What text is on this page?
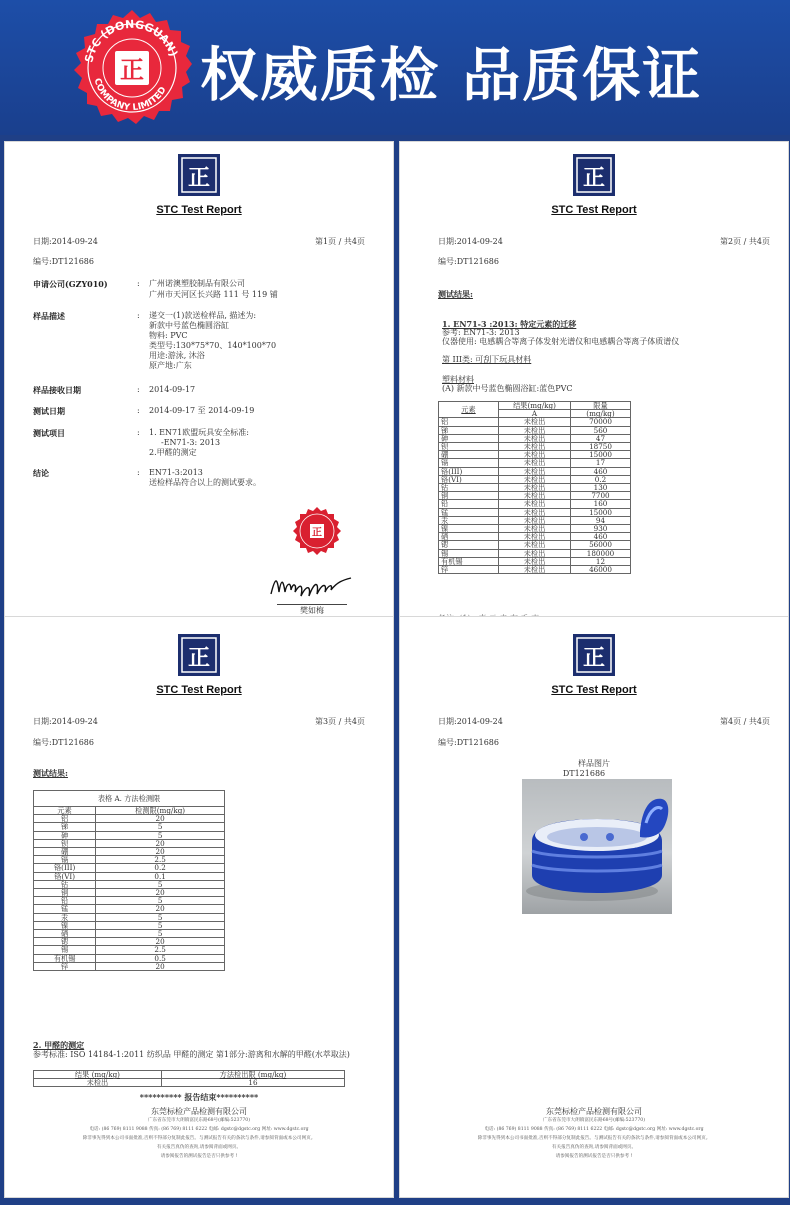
STC (DONGGUAN)
COMPANY LIMITED
正 权威质检 品质保证
正
STC Test Report
日期:2014-09-24	第1页 / 共4页
编号:DT121686
申请公司(GZY010)	: 广州诺澳塑胶制品有限公司
广州市天河区长兴路 111 号 119 铺
样品描述	: 递交一(1)款送检样品, 描述为:
新款中号蓝色椭圆浴缸
物料: PVC
类型号:130*75*70、140*100*70
用途:游泳, 沐浴
原产地:广东
样品接收日期	: 2014-09-17
测试日期	: 2014-09-17 至 2014-09-19
测试项目	: 1. EN71欧盟玩具安全标准:
-EN71-3: 2013
2.甲醛的测定
结论	: EN71-3:2013
送检样品符合以上的测试要求。
正
樊如梅
正
STC Test Report
日期:2014-09-24	第2页 / 共4页
编号:DT121686
测试结果:
1. EN71-3 :2013: 特定元素的迁移
参考: EN71-3: 2013
仪器使用: 电感耦合等离子体发射光谱仪和电感耦合等离子体质谱仪
第 III类: 可刮下玩具材料
塑料材料
(A) 新款中号蓝色椭圆浴缸:蓝色PVC
元素	结果(mg/kg)	限量
	A	(mg/kg)
铝	未检出	70000
锑	未检出	560
砷	未检出	47
钡	未检出	18750
硼	未检出	15000
镉	未检出	17
铬(III)	未检出	460
铬(VI)	未检出	0.2
钴	未检出	130
铜	未检出	7700
铅	未检出	160
锰	未检出	15000
汞	未检出	94
镍	未检出	930
硒	未检出	460
锶	未检出	56000
锡	未检出	180000
有机锡	未检出	12
锌	未检出	46000
正
STC Test Report
日期:2014-09-24	第3页 / 共4页
编号:DT121686
测试结果:
表格 A. 方法检测限	
元素	检测限(mg/kg)
铝	20
锑	5
砷	5
钡	20
硼	20
镉	2.5
铬(III)	0.2
铬(VI)	0.1
钴	5
铜	20
铅	5
锰	20
汞	5
镍	5
硒	5
锶	20
锡	2.5
有机锡	0.5
锌	20
2. 甲醛的测定
参考标准: ISO 14184-1:2011 纺织品 甲醛的测定 第1部分:游离和水解的甲醛(水萃取法)
结果 (mg/kg)	方法检出限 (mg/kg)
未检出	16
********** 报告结束**********
东莞标检产品检测有限公司
广东省东莞市大朗镇富民东路68号(邮编:523770)
电话: (86 769) 8111 9088 传真: (86 769) 8111 6222 电邮: dgstc@dgstc.org 网址: www.dgstc.org
除非事先得到本公司书面批准,否则不得部分复制此报告。与测试报告有关的条款与条件,请参阅背面或本公司网页。
有关报告真伪的查询,请参阅背面或网页。
请参阅报告的测试报告是否只供参考 !
正
STC Test Report
日期:2014-09-24	第4页 / 共4页
编号:DT121686
样品图片
DT121686
东莞标检产品检测有限公司
广东省东莞市大朗镇富民东路68号(邮编:523770)
电话: (86 769) 8111 9088 传真: (86 769) 8111 6222 电邮: dgstc@dgstc.org 网址: www.dgstc.org
除非事先得到本公司书面批准,否则不得部分复制此报告。与测试报告有关的条款与条件,请参阅背面或本公司网页。
有关报告真伪的查询,请参阅背面或网页。
请参阅报告的测试报告是否只供参考 !
